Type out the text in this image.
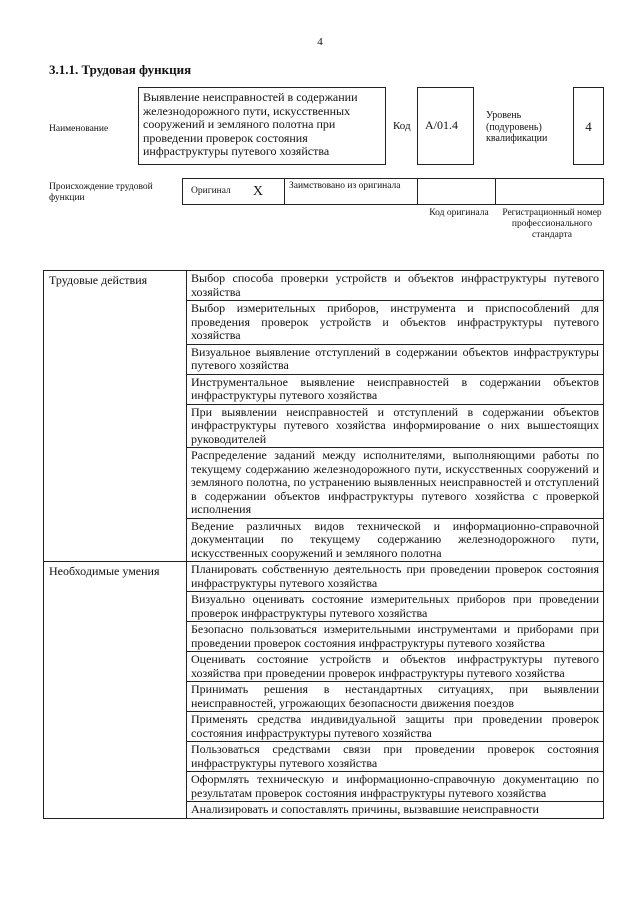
4
3.1.1. Трудовая функция
Наименование
Выявление неисправностей в содержании железнодорожного пути, искусственных сооружений и земляного полотна при проведении проверок состояния инфраструктуры путевого хозяйства
Код	А/01.4
Уровень (подуровень) квалификации
4
Происхождение трудовой функции
Оригинал X	Заимствовано из оригинала
Код оригинала	Регистрационный номер профессионального стандарта
Трудовые действия	Выбор способа проверки устройств и объектов инфраструктуры путевого хозяйства
	Выбор измерительных приборов, инструмента и приспособлений для проведения проверок устройств и объектов инфраструктуры путевого хозяйства
	Визуальное выявление отступлений в содержании объектов инфраструктуры путевого хозяйства
	Инструментальное выявление неисправностей в содержании объектов инфраструктуры путевого хозяйства
	При выявлении неисправностей и отступлений в содержании объектов инфраструктуры путевого хозяйства информирование о них вышестоящих руководителей
	Распределение заданий между исполнителями, выполняющими работы по текущему содержанию железнодорожного пути, искусственных сооружений и земляного полотна, по устранению выявленных неисправностей и отступлений в содержании объектов инфраструктуры путевого хозяйства с проверкой исполнения
	Ведение различных видов технической и информационно-справочной документации по текущему содержанию железнодорожного пути, искусственных сооружений и земляного полотна
Необходимые умения	Планировать собственную деятельность при проведении проверок состояния инфраструктуры путевого хозяйства
	Визуально оценивать состояние измерительных приборов при проведении проверок инфраструктуры путевого хозяйства
	Безопасно пользоваться измерительными инструментами и приборами при проведении проверок состояния инфраструктуры путевого хозяйства
	Оценивать состояние устройств и объектов инфраструктуры путевого хозяйства при проведении проверок инфраструктуры путевого хозяйства
	Принимать решения в нестандартных ситуациях, при выявлении неисправностей, угрожающих безопасности движения поездов
	Применять средства индивидуальной защиты при проведении проверок состояния инфраструктуры путевого хозяйства
	Пользоваться средствами связи при проведении проверок состояния инфраструктуры путевого хозяйства
	Оформлять техническую и информационно-справочную документацию по результатам проверок состояния инфраструктуры путевого хозяйства
	Анализировать и сопоставлять причины, вызвавшие неисправности
